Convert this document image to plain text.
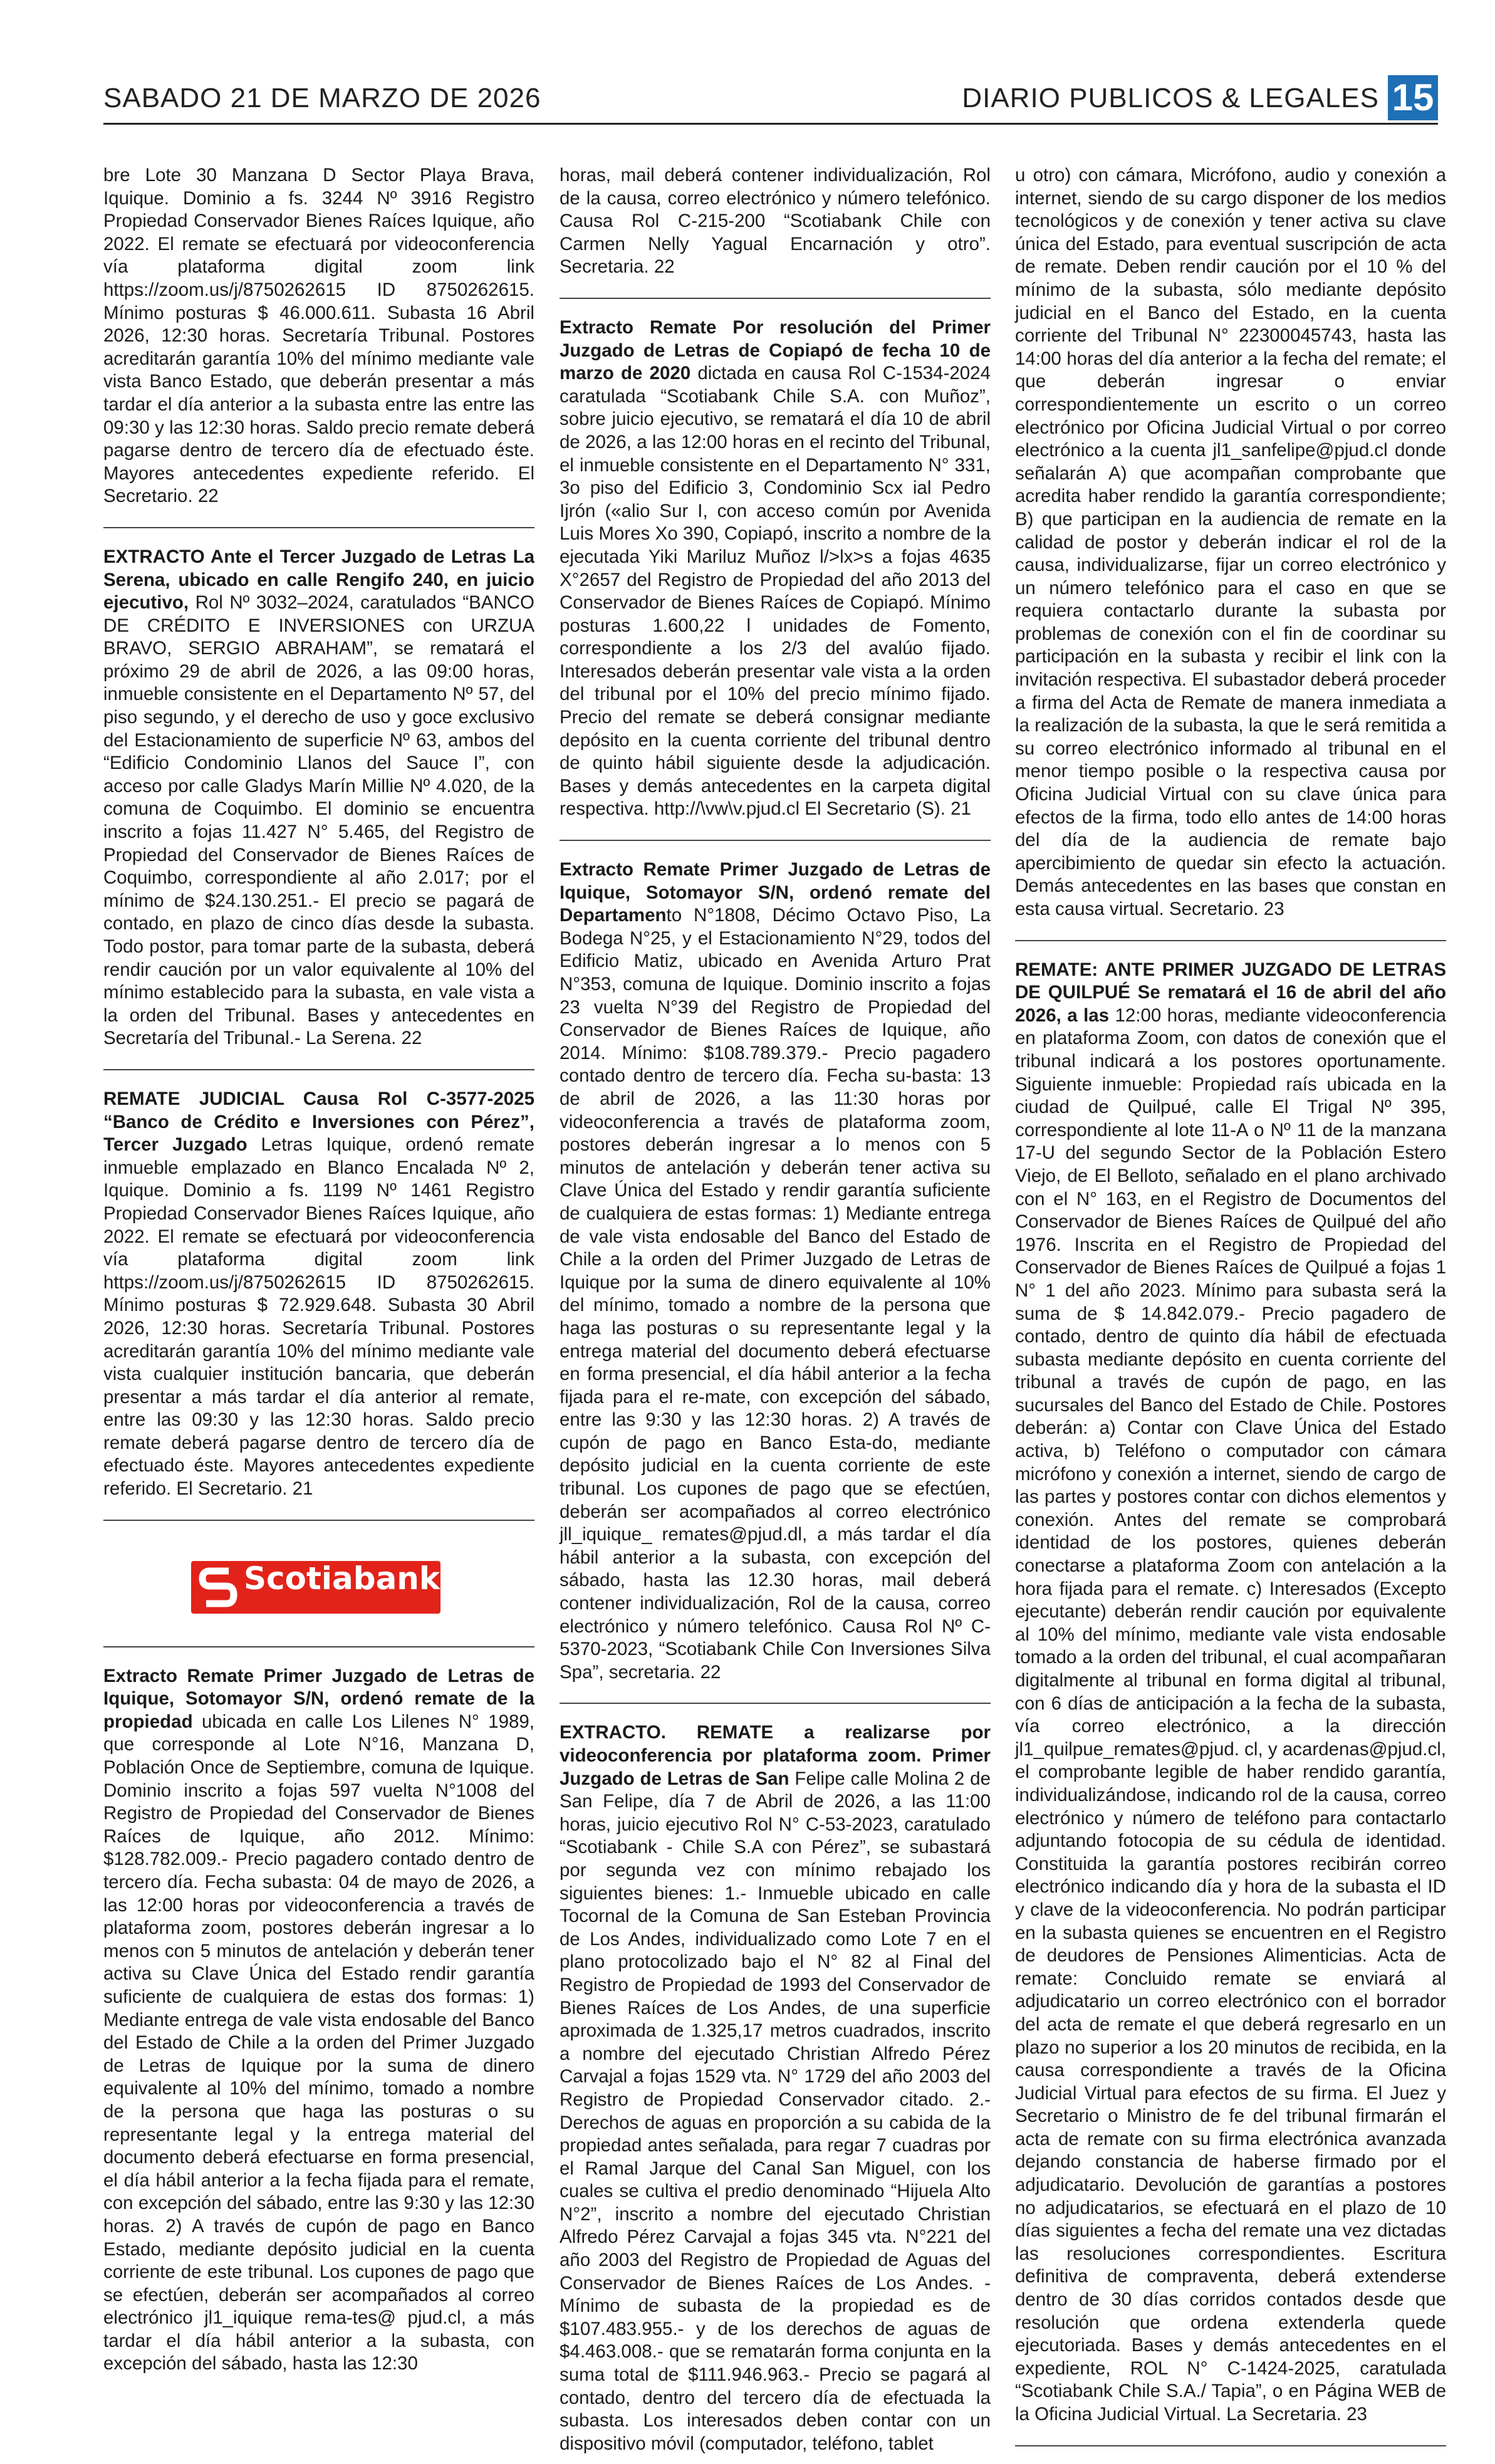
SABADO 21 DE MARZO DE 2026	DIARIO PUBLICOS & LEGALES 15

bre Lote 30 Manzana D Sector Playa Brava, Iquique. Dominio a fs. 3244 Nº 3916 Registro Propiedad Conservador Bienes Raíces Iquique, año 2022. El remate se efectuará por videoconferencia vía plataforma digital zoom link https://zoom.us/j/8750262615 ID 8750262615. Mínimo posturas $ 46.000.611. Subasta 16 Abril 2026, 12:30 horas. Secretaría Tribunal. Postores acreditarán garantía 10% del mínimo mediante vale vista Banco Estado, que deberán presentar a más tardar el día anterior a la subasta entre las entre las 09:30 y las 12:30 horas. Saldo precio remate deberá pagarse dentro de tercero día de efectuado éste. Mayores antecedentes expediente referido. El Secretario. 22

EXTRACTO Ante el Tercer Juzgado de Letras La Serena, ubicado en calle Rengifo 240, en juicio ejecutivo, Rol Nº 3032–2024, caratulados “BANCO DE CRÉDITO E INVERSIONES con URZUA BRAVO, SERGIO ABRAHAM”, se rematará el próximo 29 de abril de 2026, a las 09:00 horas, inmueble consistente en el Departamento Nº 57, del piso segundo, y el derecho de uso y goce exclusivo del Estacionamiento de superficie Nº 63, ambos del “Edificio Condominio Llanos del Sauce I”, con acceso por calle Gladys Marín Millie Nº 4.020, de la comuna de Coquimbo. El dominio se encuentra inscrito a fojas 11.427 N° 5.465, del Registro de Propiedad del Conservador de Bienes Raíces de Coquimbo, correspondiente al año 2.017; por el mínimo de $24.130.251.- El precio se pagará de contado, en plazo de cinco días desde la subasta. Todo postor, para tomar parte de la subasta, deberá rendir caución por un valor equivalente al 10% del mínimo establecido para la subasta, en vale vista a la orden del Tribunal. Bases y antecedentes en Secretaría del Tribunal.- La Serena. 22

REMATE JUDICIAL Causa Rol C-3577-2025 “Banco de Crédito e Inversiones con Pérez”, Tercer Juzgado Letras Iquique, ordenó remate inmueble emplazado en Blanco Encalada Nº 2, Iquique. Dominio a fs. 1199 Nº 1461 Registro Propiedad Conservador Bienes Raíces Iquique, año 2022. El remate se efectuará por videoconferencia vía plataforma digital zoom link https://zoom.us/j/8750262615 ID 8750262615. Mínimo posturas $ 72.929.648. Subasta 30 Abril 2026, 12:30 horas. Secretaría Tribunal. Postores acreditarán garantía 10% del mínimo mediante vale vista cualquier institución bancaria, que deberán presentar a más tardar el día anterior al remate, entre las 09:30 y las 12:30 horas. Saldo precio remate deberá pagarse dentro de tercero día de efectuado éste. Mayores antecedentes expediente referido. El Secretario. 21

Scotiabank

Extracto Remate Primer Juzgado de Letras de Iquique, Sotomayor S/N, ordenó remate de la propiedad ubicada en calle Los Lilenes N° 1989, que corresponde al Lote N°16, Manzana D, Población Once de Septiembre, comuna de Iquique. Dominio inscrito a fojas 597 vuelta N°1008 del Registro de Propiedad del Conservador de Bienes Raíces de Iquique, año 2012. Mínimo: $128.782.009.- Precio pagadero contado dentro de tercero día. Fecha subasta: 04 de mayo de 2026, a las 12:00 horas por videoconferencia a través de plataforma zoom, postores deberán ingresar a lo menos con 5 minutos de antelación y deberán tener activa su Clave Única del Estado rendir garantía suficiente de cualquiera de estas dos formas: 1) Mediante entrega de vale vista endosable del Banco del Estado de Chile a la orden del Primer Juzgado de Letras de Iquique por la suma de dinero equivalente al 10% del mínimo, tomado a nombre de la persona que haga las posturas o su representante legal y la entrega material del documento deberá efectuarse en forma presencial, el día hábil anterior a la fecha fijada para el remate, con excepción del sábado, entre las 9:30 y las 12:30 horas. 2) A través de cupón de pago en Banco Estado, mediante depósito judicial en la cuenta corriente de este tribunal. Los cupones de pago que se efectúen, deberán ser acompañados al correo electrónico jl1_iquique rema-tes@ pjud.cl, a más tardar el día hábil anterior a la subasta, con excepción del sábado, hasta las 12:30

horas, mail deberá contener individualización, Rol de la causa, correo electrónico y número telefónico. Causa Rol C-215-200 “Scotiabank Chile con Carmen Nelly Yagual Encarnación y otro”. Secretaria. 22

Extracto Remate Por resolución del Primer Juzgado de Letras de Copiapó de fecha 10 de marzo de 2020 dictada en causa Rol C-1534-2024 caratulada “Scotiabank Chile S.A. con Muñoz”, sobre juicio ejecutivo, se rematará el día 10 de abril de 2026, a las 12:00 horas en el recinto del Tribunal, el inmueble consistente en el Departamento N° 331, 3o piso del Edificio 3, Condominio Scx ial Pedro Ijrón («alio Sur I, con acceso común por Avenida Luis Mores Xo 390, Copiapó, inscrito a nombre de la ejecutada Yiki Mariluz Muñoz l/>lx>s a fojas 4635 X°2657 del Registro de Propiedad del año 2013 del Conservador de Bienes Raíces de Copiapó. Mínimo posturas 1.600,22 l unidades de Fomento, correspondiente a los 2/3 del avalúo fijado. Interesados deberán presentar vale vista a la orden del tribunal por el 10% del precio mínimo fijado. Precio del remate se deberá consignar mediante depósito en la cuenta corriente del tribunal dentro de quinto hábil siguiente desde la adjudicación. Bases y demás antecedentes en la carpeta digital respectiva. http://\vw\v.pjud.cl El Secretario (S). 21

Extracto Remate Primer Juzgado de Letras de Iquique, Sotomayor S/N, ordenó remate del Departamento N°1808, Décimo Octavo Piso, La Bodega N°25, y el Estacionamiento N°29, todos del Edificio Matiz, ubicado en Avenida Arturo Prat N°353, comuna de Iquique. Dominio inscrito a fojas 23 vuelta N°39 del Registro de Propiedad del Conservador de Bienes Raíces de Iquique, año 2014. Mínimo: $108.789.379.- Precio pagadero contado dentro de tercero día. Fecha su-basta: 13 de abril de 2026, a las 11:30 horas por videoconferencia a través de plataforma zoom, postores deberán ingresar a lo menos con 5 minutos de antelación y deberán tener activa su Clave Única del Estado y rendir garantía suficiente de cualquiera de estas formas: 1) Mediante entrega de vale vista endosable del Banco del Estado de Chile a la orden del Primer Juzgado de Letras de Iquique por la suma de dinero equivalente al 10% del mínimo, tomado a nombre de la persona que haga las posturas o su representante legal y la entrega material del documento deberá efectuarse en forma presencial, el día hábil anterior a la fecha fijada para el re-mate, con excepción del sábado, entre las 9:30 y las 12:30 horas. 2) A través de cupón de pago en Banco Esta-do, mediante depósito judicial en la cuenta corriente de este tribunal. Los cupones de pago que se efectúen, deberán ser acompañados al correo electrónico jll_iquique_ remates@pjud.dl, a más tardar el día hábil anterior a la subasta, con excepción del sábado, hasta las 12.30 horas, mail deberá contener individualización, Rol de la causa, correo electrónico y número telefónico. Causa Rol Nº C-5370-2023, “Scotiabank Chile Con Inversiones Silva Spa”, secretaria. 22

EXTRACTO. REMATE a realizarse por videoconferencia por plataforma zoom. Primer Juzgado de Letras de San Felipe calle Molina 2 de San Felipe, día 7 de Abril de 2026, a las 11:00 horas, juicio ejecutivo Rol N° C-53-2023, caratulado “Scotiabank - Chile S.A con Pérez”, se subastará por segunda vez con mínimo rebajado los siguientes bienes: 1.- Inmueble ubicado en calle Tocornal de la Comuna de San Esteban Provincia de Los Andes, individualizado como Lote 7 en el plano protocolizado bajo el N° 82 al Final del Registro de Propiedad de 1993 del Conservador de Bienes Raíces de Los Andes, de una superficie aproximada de 1.325,17 metros cuadrados, inscrito a nombre del ejecutado Christian Alfredo Pérez Carvajal a fojas 1529 vta. N° 1729 del año 2003 del Registro de Propiedad Conservador citado. 2.- Derechos de aguas en proporción a su cabida de la propiedad antes señalada, para regar 7 cuadras por el Ramal Jarque del Canal San Miguel, con los cuales se cultiva el predio denominado “Hijuela Alto N°2”, inscrito a nombre del ejecutado Christian Alfredo Pérez Carvajal a fojas 345 vta. N°221 del año 2003 del Registro de Propiedad de Aguas del Conservador de Bienes Raíces de Los Andes. - Mínimo de subasta de la propiedad es de $107.483.955.- y de los derechos de aguas de $4.463.008.- que se rematarán forma conjunta en la suma total de $111.946.963.- Precio se pagará al contado, dentro del tercero día de efectuada la subasta. Los interesados deben contar con un dispositivo móvil (computador, teléfono, tablet

u otro) con cámara, Micrófono, audio y conexión a internet, siendo de su cargo disponer de los medios tecnológicos y de conexión y tener activa su clave única del Estado, para eventual suscripción de acta de remate. Deben rendir caución por el 10 % del mínimo de la subasta, sólo mediante depósito judicial en el Banco del Estado, en la cuenta corriente del Tribunal N° 22300045743, hasta las 14:00 horas del día anterior a la fecha del remate; el que deberán ingresar o enviar correspondientemente un escrito o un correo electrónico por Oficina Judicial Virtual o por correo electrónico a la cuenta jl1_sanfelipe@pjud.cl donde señalarán A) que acompañan comprobante que acredita haber rendido la garantía correspondiente; B) que participan en la audiencia de remate en la calidad de postor y deberán indicar el rol de la causa, individualizarse, fijar un correo electrónico y un número telefónico para el caso en que se requiera contactarlo durante la subasta por problemas de conexión con el fin de coordinar su participación en la subasta y recibir el link con la invitación respectiva. El subastador deberá proceder a firma del Acta de Remate de manera inmediata a la realización de la subasta, la que le será remitida a su correo electrónico informado al tribunal en el menor tiempo posible o la respectiva causa por Oficina Judicial Virtual con su clave única para efectos de la firma, todo ello antes de 14:00 horas del día de la audiencia de remate bajo apercibimiento de quedar sin efecto la actuación. Demás antecedentes en las bases que constan en esta causa virtual. Secretario. 23

REMATE: ANTE PRIMER JUZGADO DE LETRAS DE QUILPUÉ Se rematará el 16 de abril del año 2026, a las 12:00 horas, mediante videoconferencia en plataforma Zoom, con datos de conexión que el tribunal indicará a los postores oportunamente. Siguiente inmueble: Propiedad raís ubicada en la ciudad de Quilpué, calle El Trigal Nº 395, correspondiente al lote 11-A o Nº 11 de la manzana 17-U del segundo Sector de la Población Estero Viejo, de El Belloto, señalado en el plano archivado con el N° 163, en el Registro de Documentos del Conservador de Bienes Raíces de Quilpué del año 1976. Inscrita en el Registro de Propiedad del Conservador de Bienes Raíces de Quilpué a fojas 1 N° 1 del año 2023. Mínimo para subasta será la suma de $ 14.842.079.- Precio pagadero de contado, dentro de quinto día hábil de efectuada subasta mediante depósito en cuenta corriente del tribunal a través de cupón de pago, en las sucursales del Banco del Estado de Chile. Postores deberán: a) Contar con Clave Única del Estado activa, b) Teléfono o computador con cámara micrófono y conexión a internet, siendo de cargo de las partes y postores contar con dichos elementos y conexión. Antes del remate se comprobará identidad de los postores, quienes deberán conectarse a plataforma Zoom con antelación a la hora fijada para el remate. c) Interesados (Excepto ejecutante) deberán rendir caución por equivalente al 10% del mínimo, mediante vale vista endosable tomado a la orden del tribunal, el cual acompañaran digitalmente al tribunal en forma digital al tribunal, con 6 días de anticipación a la fecha de la subasta, vía correo electrónico, a la dirección jl1_quilpue_remates@pjud. cl, y acardenas@pjud.cl, el comprobante legible de haber rendido garantía, individualizándose, indicando rol de la causa, correo electrónico y número de teléfono para contactarlo adjuntando fotocopia de su cédula de identidad. Constituida la garantía postores recibirán correo electrónico indicando día y hora de la subasta el ID y clave de la videoconferencia. No podrán participar en la subasta quienes se encuentren en el Registro de deudores de Pensiones Alimenticias. Acta de remate: Concluido remate se enviará al adjudicatario un correo electrónico con el borrador del acta de remate el que deberá regresarlo en un plazo no superior a los 20 minutos de recibida, en la causa correspondiente a través de la Oficina Judicial Virtual para efectos de su firma. El Juez y Secretario o Ministro de fe del tribunal firmarán el acta de remate con su firma electrónica avanzada dejando constancia de haberse firmado por el adjudicatario. Devolución de garantías a postores no adjudicatarios, se efectuará en el plazo de 10 días siguientes a fecha del remate una vez dictadas las resoluciones correspondientes. Escritura definitiva de compraventa, deberá extenderse dentro de 30 días corridos contados desde que resolución que ordena extenderla quede ejecutoriada. Bases y demás antecedentes en el expediente, ROL N° C-1424-2025, caratulada “Scotiabank Chile S.A./ Tapia”, o en Página WEB de la Oficina Judicial Virtual. La Secretaria. 23
